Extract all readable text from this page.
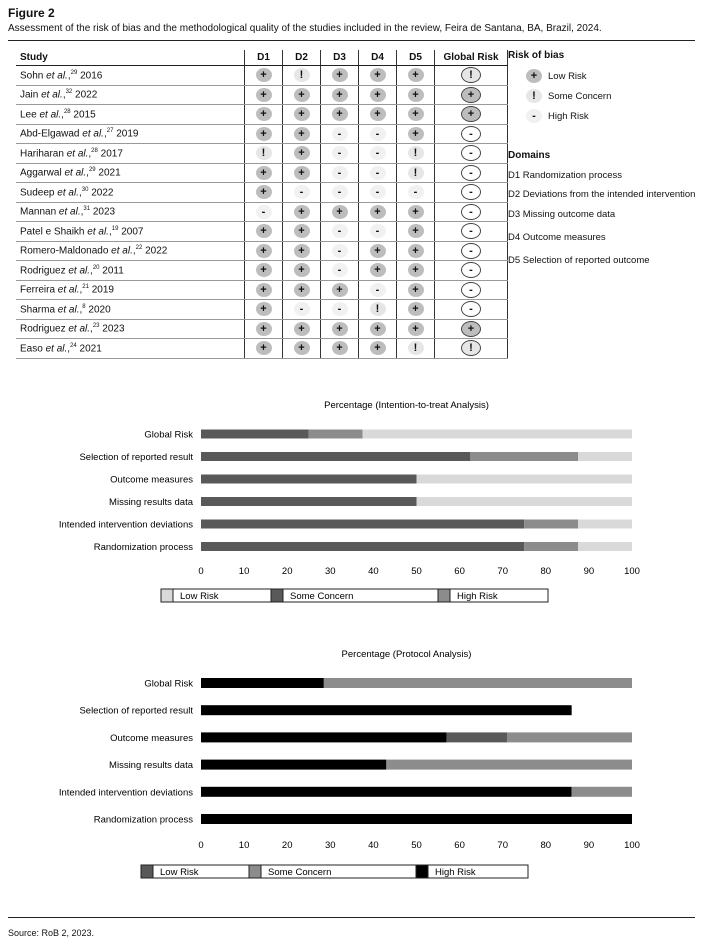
Figure 2
Assessment of the risk of bias and the methodological quality of the studies included in the review, Feira de Santana, BA, Brazil, 2024.
Study	D1	D2	D3	D4	D5	Global Risk
Sohn et al.,$^{29}$ 2016	+	!	+	+	+	!
Jain et al.,$^{32}$ 2022	+	+	+	+	+	+
Lee et al.,$^{28}$ 2015	+	+	+	+	+	+
Abd-Elgawad et al.,$^{27}$ 2019	+	+	-	-	+	-
Hariharan et al.,$^{28}$ 2017	!	+	-	-	!	-
Aggarwal et al.,$^{29}$ 2021	+	+	-	-	!	-
Sudeep et al.,$^{30}$ 2022	+	-	-	-	-	-
Mannan et al.,$^{31}$ 2023	-	+	+	+	+	-
Patel e Shaikh et al.,$^{19}$ 2007	+	+	-	-	+	-
Romero-Maldonado et al.,$^{22}$ 2022	+	+	-	+	+	-
Rodriguez et al.,$^{20}$ 2011	+	+	-	+	+	-
Ferreira et al.,$^{21}$ 2019	+	+	+	-	+	-
Sharma et al.,$^8$ 2020	+	-	-	!	+	-
Rodriguez et al.,$^{23}$ 2023	+	+	+	+	+	+
Easo et al.,$^{24}$ 2021	+	+	+	+	!	!
Risk of bias
+	Low Risk
!	Some Concern
-	High Risk
Domains
D1 Randomization process
D2 Deviations from the intended intervention
D3 Missing outcome data
D4 Outcome measures
D5 Selection of reported outcome
Percentage (Intention-to-treat Analysis)
Global Risk
Selection of reported result
Outcome measures
Missing results data
Intended intervention deviations
Randomization process
0	10	20	30	40	50	60	70	80	90	100
Low Risk	Some Concern	High Risk
Percentage (Protocol Analysis)
Global Risk
Selection of reported result
Outcome measures
Missing results data
Intended intervention deviations
Randomization process
0	10	20	30	40	50	60	70	80	90	100
Low Risk	Some Concern	High Risk
Source: RoB 2, 2023.
